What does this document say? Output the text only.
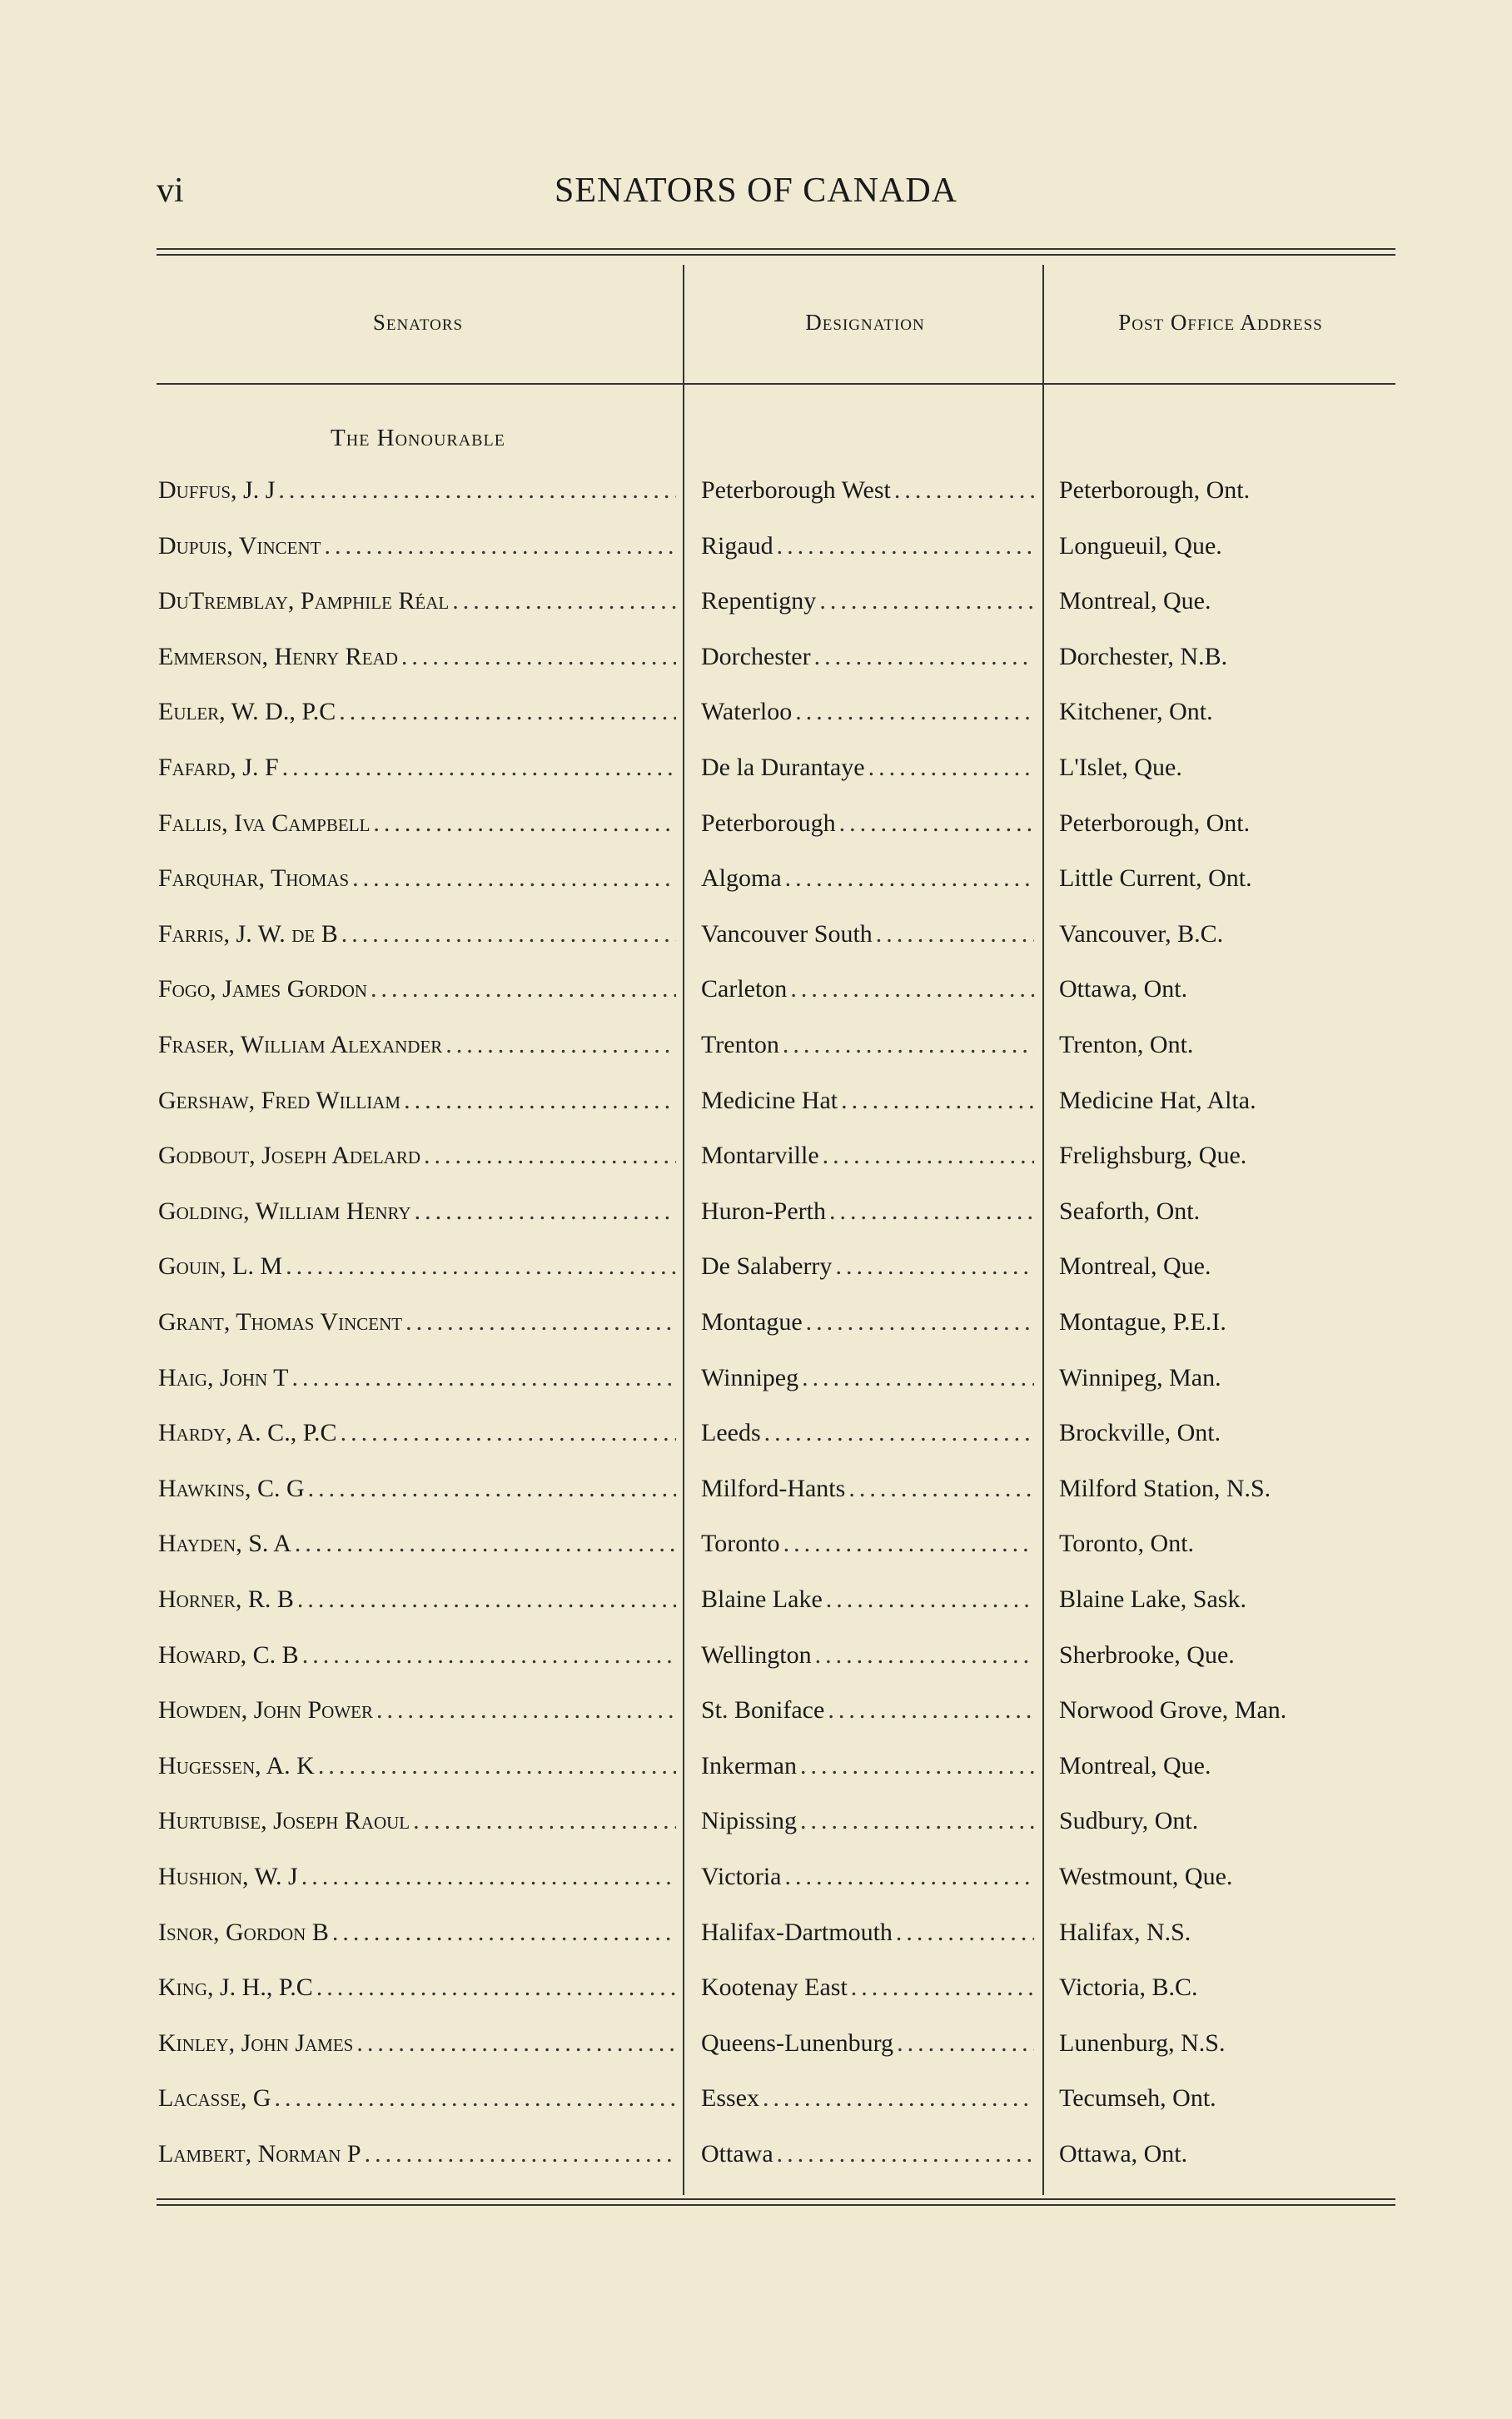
vi	SENATORS OF CANADA
Senators	Designation	Post Office Address
The Honourable
Duffus, J. J .....	Peterborough West .....	Peterborough, Ont.
Dupuis, Vincent .....	Rigaud .....	Longueuil, Que.
DuTremblay, Pamphile Réal .....	Repentigny .....	Montreal, Que.
Emmerson, Henry Read .....	Dorchester .....	Dorchester, N.B.
Euler, W. D., P.C .....	Waterloo .....	Kitchener, Ont.
Fafard, J. F .....	De la Durantaye .....	L'Islet, Que.
Fallis, Iva Campbell .....	Peterborough .....	Peterborough, Ont.
Farquhar, Thomas .....	Algoma .....	Little Current, Ont.
Farris, J. W. de B .....	Vancouver South .....	Vancouver, B.C.
Fogo, James Gordon .....	Carleton .....	Ottawa, Ont.
Fraser, William Alexander .....	Trenton .....	Trenton, Ont.
Gershaw, Fred William .....	Medicine Hat .....	Medicine Hat, Alta.
Godbout, Joseph Adelard .....	Montarville .....	Frelighsburg, Que.
Golding, William Henry .....	Huron-Perth .....	Seaforth, Ont.
Gouin, L. M .....	De Salaberry .....	Montreal, Que.
Grant, Thomas Vincent .....	Montague .....	Montague, P.E.I.
Haig, John T .....	Winnipeg .....	Winnipeg, Man.
Hardy, A. C., P.C .....	Leeds .....	Brockville, Ont.
Hawkins, C. G .....	Milford-Hants .....	Milford Station, N.S.
Hayden, S. A .....	Toronto .....	Toronto, Ont.
Horner, R. B .....	Blaine Lake .....	Blaine Lake, Sask.
Howard, C. B .....	Wellington .....	Sherbrooke, Que.
Howden, John Power .....	St. Boniface .....	Norwood Grove, Man.
Hugessen, A. K .....	Inkerman .....	Montreal, Que.
Hurtubise, Joseph Raoul .....	Nipissing .....	Sudbury, Ont.
Hushion, W. J .....	Victoria .....	Westmount, Que.
Isnor, Gordon B .....	Halifax-Dartmouth .....	Halifax, N.S.
King, J. H., P.C .....	Kootenay East .....	Victoria, B.C.
Kinley, John James .....	Queens-Lunenburg .....	Lunenburg, N.S.
Lacasse, G .....	Essex .....	Tecumseh, Ont.
Lambert, Norman P .....	Ottawa .....	Ottawa, Ont.
